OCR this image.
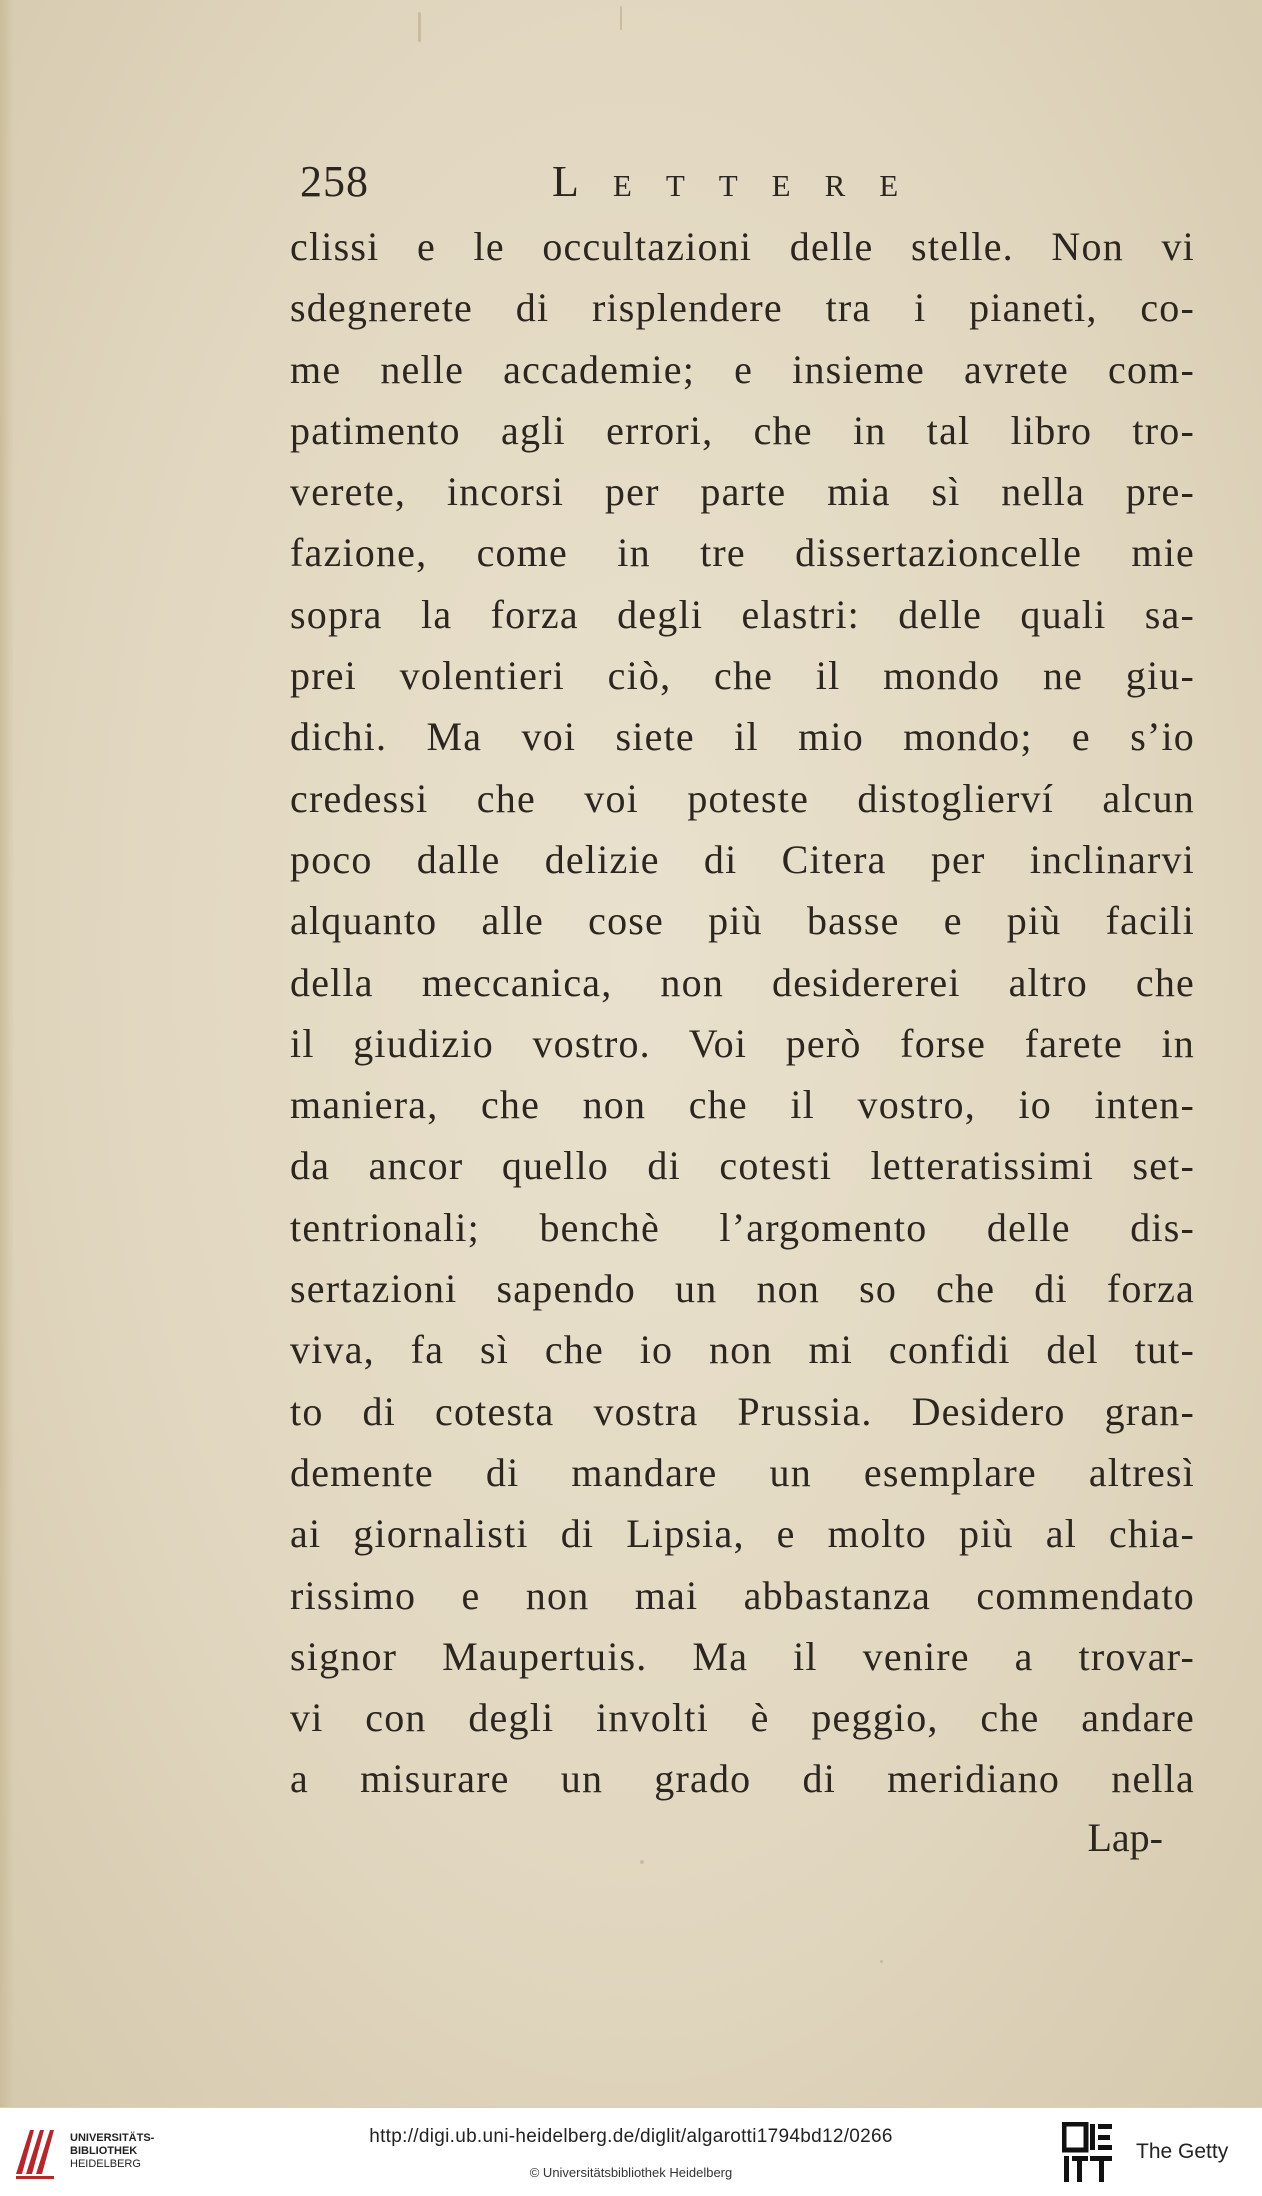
258	Lettere
clissi e le occultazioni delle stelle. Non vi
sdegnerete di risplendere tra i pianeti, co-
me nelle accademie; e insieme avrete com-
patimento agli errori, che in tal libro tro-
verete, incorsi per parte mia sì nella pre-
fazione, come in tre dissertazioncelle mie
sopra la forza degli elastri: delle quali sa-
prei volentieri ciò, che il mondo ne giu-
dichi. Ma voi siete il mio mondo; e s’io
credessi che voi poteste distoglierví alcun
poco dalle delizie di Citera per inclinarvi
alquanto alle cose più basse e più facili
della meccanica, non desidererei altro che
il giudizio vostro. Voi però forse farete in
maniera, che non che il vostro, io inten-
da ancor quello di cotesti letteratissimi set-
tentrionali; benchè l’argomento delle dis-
sertazioni sapendo un non so che di forza
viva, fa sì che io non mi confidi del tut-
to di cotesta vostra Prussia. Desidero gran-
demente di mandare un esemplare altresì
ai giornalisti di Lipsia, e molto più al chia-
rissimo e non mai abbastanza commendato
signor Maupertuis. Ma il venire a trovar-
vi con degli involti è peggio, che andare
a misurare un grado di meridiano nella
Lap-
UNIVERSITÄTS-
BIBLIOTHEK
HEIDELBERG
http://digi.ub.uni-heidelberg.de/diglit/algarotti1794bd12/0266
© Universitätsbibliothek Heidelberg
The Getty
